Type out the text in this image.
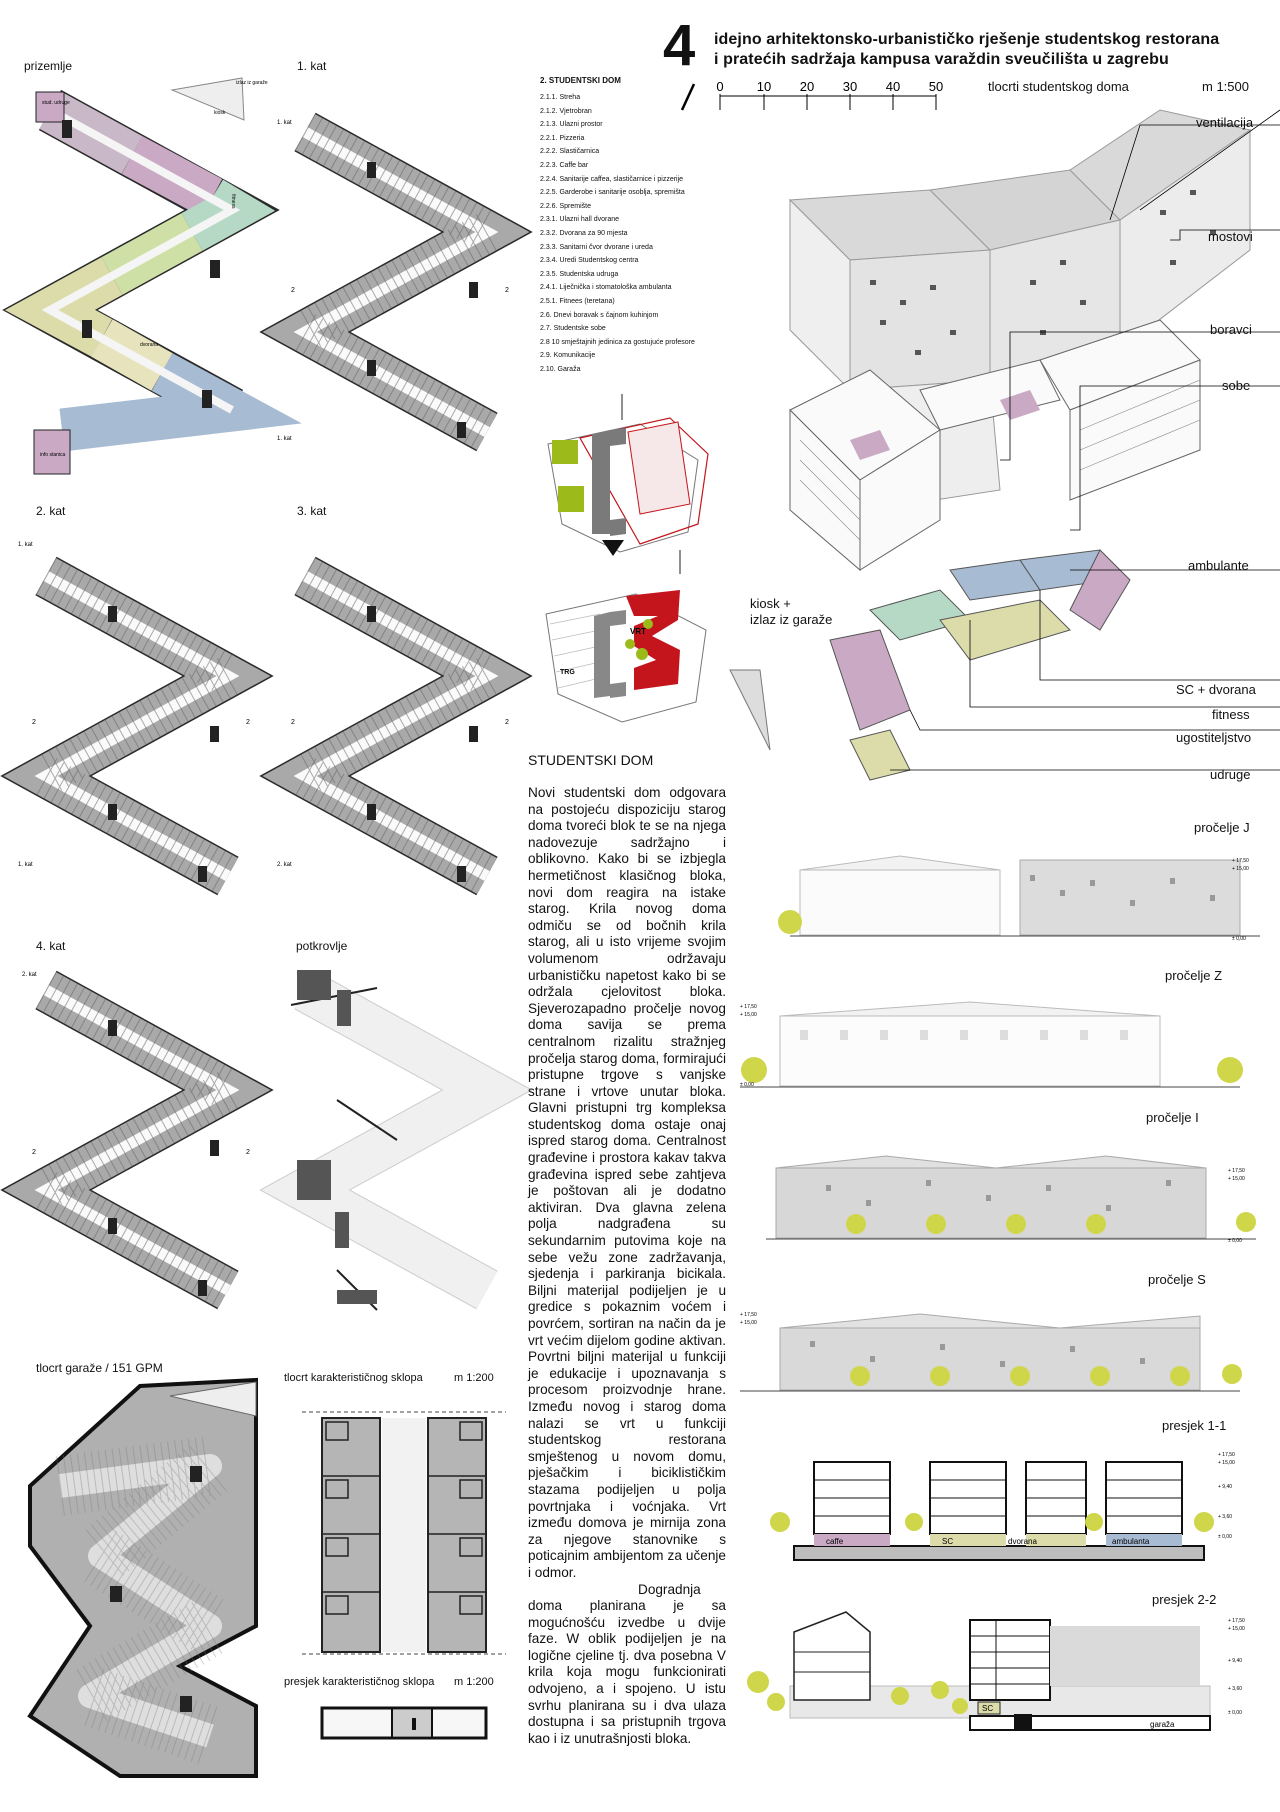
4 idejno arhitektonsko-urbanističko rješenje studentskog restorana
i pratećih sadržaja kampusa varaždin sveučilišta u zagrebu
0	10 20 30 40 50	tlocrti studentskog doma	m 1:500
prizemlje
stud. udruge
info stanica
dvorana
fitness
izlaz iz garaže
kiosk
1. kat
1. kat
1. kat
2	2
2. kat
1. kat
1. kat
2	2
3. kat
2. kat
2	2
4. kat
2. kat
2	2
potkrovlje
tlocrt garaže / 151 GPM
tlocrt karakterističnog sklopa	m 1:200
presjek karakterističnog sklopa m 1:200
2. STUDENTSKI DOM
2.1.1. Streha
2.1.2. Vjetrobran
2.1.3. Ulazni prostor
2.2.1. Pizzeria
2.2.2. Slastičarnica
2.2.3. Caffe bar
2.2.4. Sanitarije caffea, slastičarnice i pizzerije
2.2.5. Garderobe i sanitarije osoblja, spremišta
2.2.6. Spremište
2.3.1. Ulazni hall dvorane
2.3.2. Dvorana za 90 mjesta
2.3.3. Sanitarni čvor dvorane i ureda
2.3.4. Uredi Studentskog centra
2.3.5. Studentska udruga
2.4.1. Liječnička i stomatološka ambulanta
2.5.1. Fitnees (teretana)
2.6. Dnevi boravak s čajnom kuhinjom
2.7. Studentske sobe
2.8 10 smještajnih jedinica za gostujuće profesore
2.9. Komunikacije
2.10. Garaža
VRT
TRG
TRG
STUDENTSKI DOM

Novi studentski dom odgovara na postojeću dispoziciju starog doma tvoreći blok te se na njega nadovezuje sadržajno i oblikovno. Kako bi se izbjegla hermetičnost klasičnog bloka, novi dom reagira na istake starog. Krila novog doma odmiču se od bočnih krila starog, ali u isto vrijeme svojim volumenom održavaju urbanističku napetost kako bi se održala cjelovitost bloka. Sjeverozapadno pročelje novog doma savija se prema centralnom rizalitu stražnjeg pročelja starog doma, formirajući pristupne trgove s vanjske strane i vrtove unutar bloka. Glavni pristupni trg kompleksa studentskog doma ostaje onaj ispred starog doma. Centralnost građevine i prostora kakav takva građevina ispred sebe zahtjeva je poštovan ali je dodatno aktiviran. Dva glavna zelena polja nadgrađena su sekundarnim putovima koje na sebe vežu zone zadržavanja, sjedenja i parkiranja bicikala. Biljni materijal podijeljen je u gredice s pokaznim voćem i povrćem, sortiran na način da je vrt većim dijelom godine aktivan. Povrtni biljni materijal u funkciji je edukacije i upoznavanja s procesom proizvodnje hrane. Između novog i starog doma nalazi se vrt u funkciji studentskog restorana smještenog u novom domu, pješačkim i biciklističkim stazama podijeljen u polja povrtnjaka i voćnjaka. Vrt između domova je mirnija zona za njegove stanovnike s poticajnim ambijentom za učenje i odmor.

Dogradnja doma planirana je sa mogućnošću izvedbe u dvije faze. W oblik podijeljen je na logične cjeline tj. dva posebna V krila koja mogu funkcionirati odvojeno, a i spojeno. U istu svrhu planirana su i dva ulaza dostupna i sa pristupnih trgova kao i iz unutrašnjosti bloka.

ventilacija
mostovi
boravci
sobe
ambulante
kiosk +
izlaz iz garaže
SC + dvorana
fitness
ugostiteljstvo
udruge
pročelje J
+ 17,50
+ 15,00
± 0,00
pročelje Z
+ 17,50
+ 15,00
± 0,00
pročelje I
+ 17,50
+ 15,00
± 0,00
pročelje S
+ 17,50
+ 15,00
presjek 1-1
caffe	SC	dvorana	ambulanta
+ 17,50
+ 15,00
+ 9,40
+ 3,60
± 0,00
presjek 2-2
SC
garaža
+ 17,50
+ 15,00
+ 9,40
+ 3,60
± 0,00
